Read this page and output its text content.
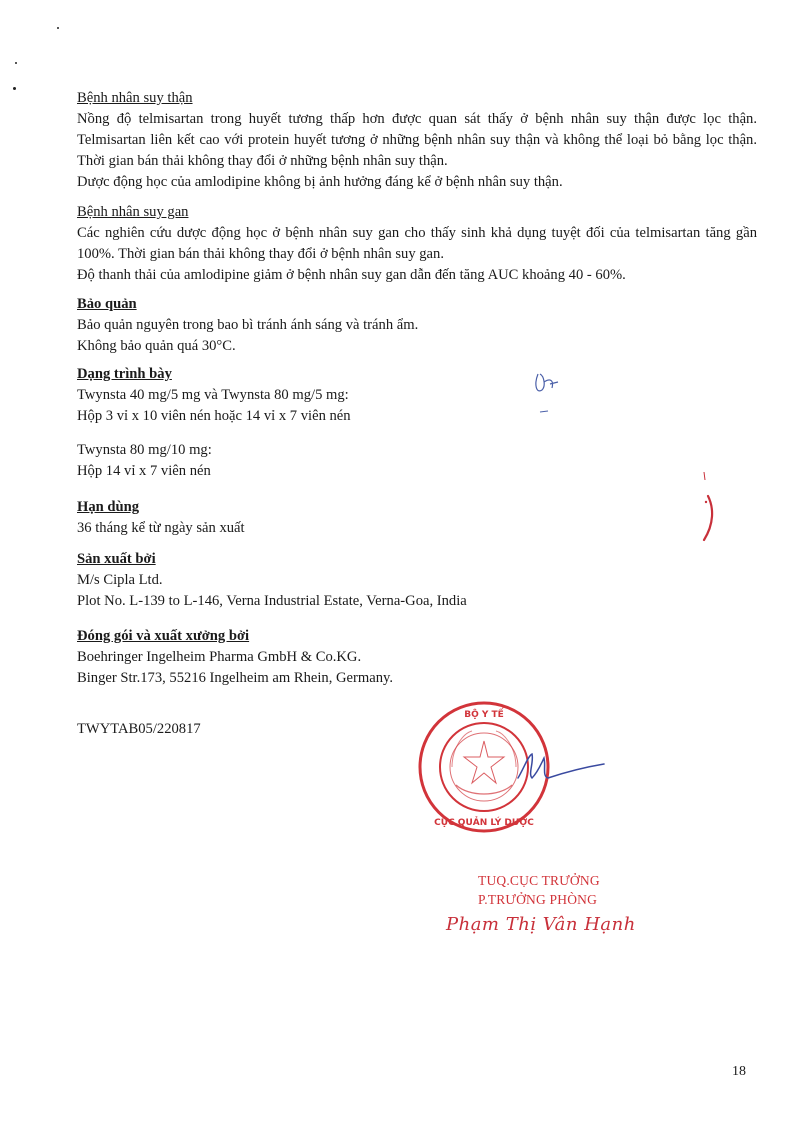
Bệnh nhân suy thận
Nồng độ telmisartan trong huyết tương thấp hơn được quan sát thấy ở bệnh nhân suy thận được lọc thận. Telmisartan liên kết cao với protein huyết tương ở những bệnh nhân suy thận và không thể loại bỏ bằng lọc thận. Thời gian bán thải không thay đổi ở những bệnh nhân suy thận.
Dược động học của amlodipine không bị ảnh hưởng đáng kể ở bệnh nhân suy thận.
Bệnh nhân suy gan
Các nghiên cứu dược động học ở bệnh nhân suy gan cho thấy sinh khả dụng tuyệt đối của telmisartan tăng gần 100%. Thời gian bán thải không thay đổi ở bệnh nhân suy gan.
Độ thanh thải của amlodipine giảm ở bệnh nhân suy gan dẫn đến tăng AUC khoảng 40 - 60%.
Bảo quản
Bảo quản nguyên trong bao bì tránh ánh sáng và tránh ẩm.
Không bảo quản quá 30°C.
Dạng trình bày
Twynsta 40 mg/5 mg và Twynsta 80 mg/5 mg:
Hộp 3 vỉ x 10 viên nén hoặc 14 vỉ x 7 viên nén
Twynsta 80 mg/10 mg:
Hộp 14 vỉ x 7 viên nén
Hạn dùng
36 tháng kể từ ngày sản xuất
Sản xuất bởi
M/s Cipla Ltd.
Plot No. L-139 to L-146, Verna Industrial Estate, Verna-Goa, India
Đóng gói và xuất xưởng bởi
Boehringer Ingelheim Pharma GmbH & Co.KG.
Binger Str.173, 55216 Ingelheim am Rhein, Germany.
TWYTAB05/220817
BỘ Y TẾ
CỤC QUẢN LÝ DƯỢC
TUQ.CỤC TRƯỞNG
P.TRƯỞNG PHÒNG
Phạm Thị Vân Hạnh
18
